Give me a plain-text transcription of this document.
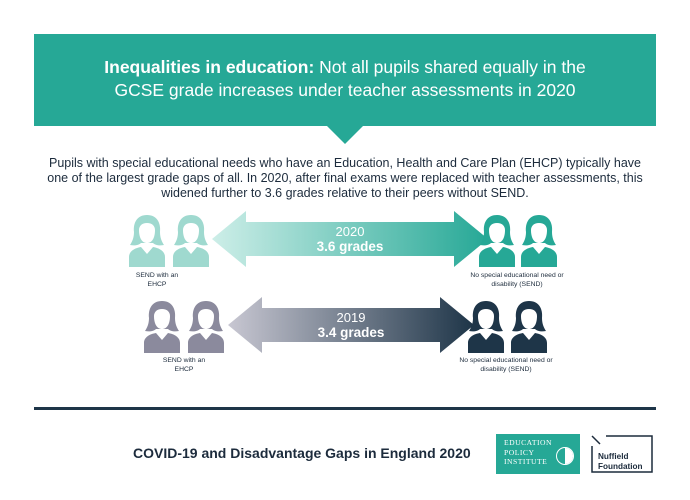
Inequalities in education: Not all pupils shared equally in the GCSE grade increases under teacher assessments in 2020
Pupils with special educational needs who have an Education, Health and Care Plan (EHCP) typically have one of the largest grade gaps of all. In 2020, after final exams were replaced with teacher assessments, this widened further to 3.6 grades relative to their peers without SEND.
2020
3.6 grades
SEND with an EHCP
No special educational need or disability (SEND)
2019
3.4 grades
SEND with an EHCP
No special educational need or disability (SEND)
COVID-19 and Disadvantage Gaps in England 2020
EDUCATION POLICY INSTITUTE
Nuffield Foundation
